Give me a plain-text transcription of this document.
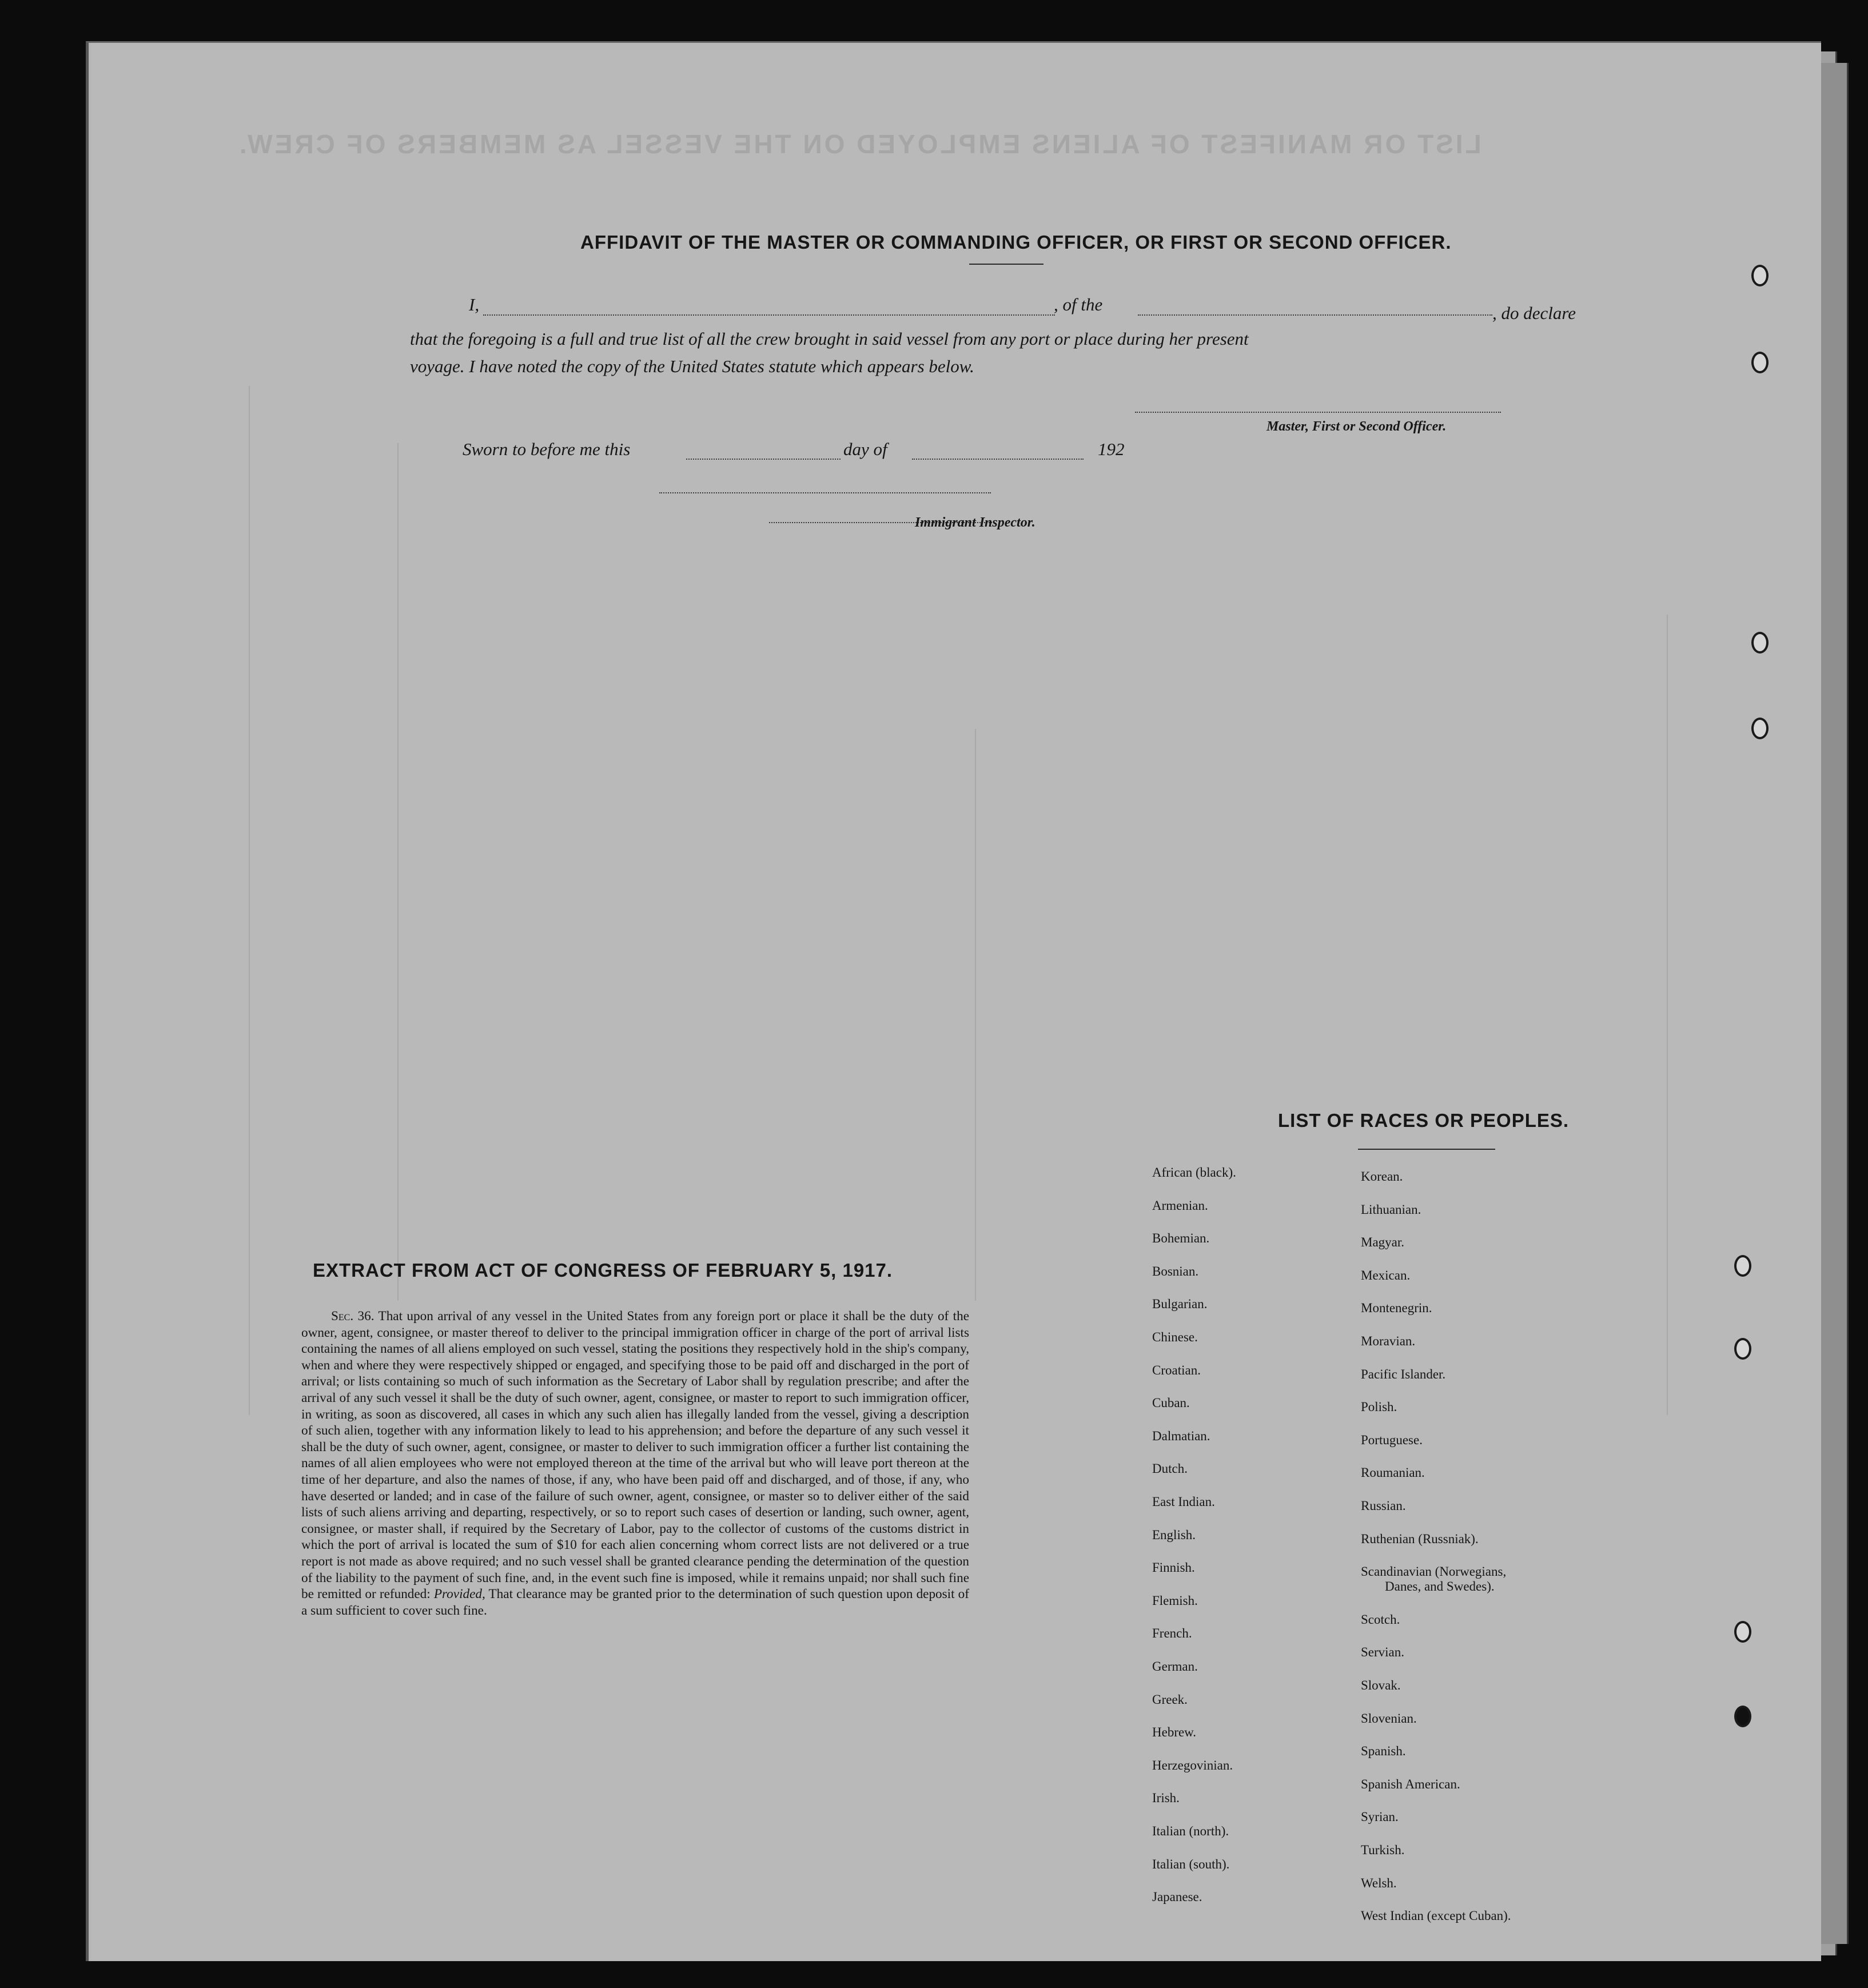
LIST OR MANIFEST OF ALIENS EMPLOYED ON THE VESSEL AS MEMBERS OF CREW.
AFFIDAVIT OF THE MASTER OR COMMANDING OFFICER, OR FIRST OR SECOND OFFICER.
I,	, of the	, do declare
that the foregoing is a full and true list of all the crew brought in said vessel from any port or place during her present
voyage. I have noted the copy of the United States statute which appears below.
Master, First or Second Officer.
Sworn to before me this	day of	192
Immigrant Inspector.
LIST OF RACES OR PEOPLES.
African (black).
Armenian.
Bohemian.
Bosnian.
Bulgarian.
Chinese.
Croatian.
Cuban.
Dalmatian.
Dutch.
East Indian.
English.
Finnish.
Flemish.
French.
German.
Greek.
Hebrew.
Herzegovinian.
Irish.
Italian (north).
Italian (south).
Japanese.
Korean.
Lithuanian.
Magyar.
Mexican.
Montenegrin.
Moravian.
Pacific Islander.
Polish.
Portuguese.
Roumanian.
Russian.
Ruthenian (Russniak).
Scandinavian (Norwegians,
Danes, and Swedes).
Scotch.
Servian.
Slovak.
Slovenian.
Spanish.
Spanish American.
Syrian.
Turkish.
Welsh.
West Indian (except Cuban).
EXTRACT FROM ACT OF CONGRESS OF FEBRUARY 5, 1917.
Sec. 36. That upon arrival of any vessel in the United States from any foreign port or place it shall be the duty of the owner, agent, consignee, or master thereof to deliver to the principal immigration officer in charge of the port of arrival lists containing the names of all aliens employed on such vessel, stating the positions they respectively hold in the ship's company, when and where they were respectively shipped or engaged, and specifying those to be paid off and discharged in the port of arrival; or lists containing so much of such information as the Secretary of Labor shall by regulation prescribe; and after the arrival of any such vessel it shall be the duty of such owner, agent, consignee, or master to report to such immigration officer, in writing, as soon as discovered, all cases in which any such alien has illegally landed from the vessel, giving a description of such alien, together with any information likely to lead to his apprehension; and before the departure of any such vessel it shall be the duty of such owner, agent, consignee, or master to deliver to such immigration officer a further list containing the names of all alien employees who were not employed thereon at the time of the arrival but who will leave port thereon at the time of her departure, and also the names of those, if any, who have been paid off and discharged, and of those, if any, who have deserted or landed; and in case of the failure of such owner, agent, consignee, or master so to deliver either of the said lists of such aliens arriving and departing, respectively, or so to report such cases of desertion or landing, such owner, agent, consignee, or master shall, if required by the Secretary of Labor, pay to the collector of customs of the customs district in which the port of arrival is located the sum of $10 for each alien concerning whom correct lists are not delivered or a true report is not made as above required; and no such vessel shall be granted clearance pending the determination of the question of the liability to the payment of such fine, and, in the event such fine is imposed, while it remains unpaid; nor shall such fine be remitted or refunded: Provided, That clearance may be granted prior to the determination of such question upon deposit of a sum sufficient to cover such fine.
